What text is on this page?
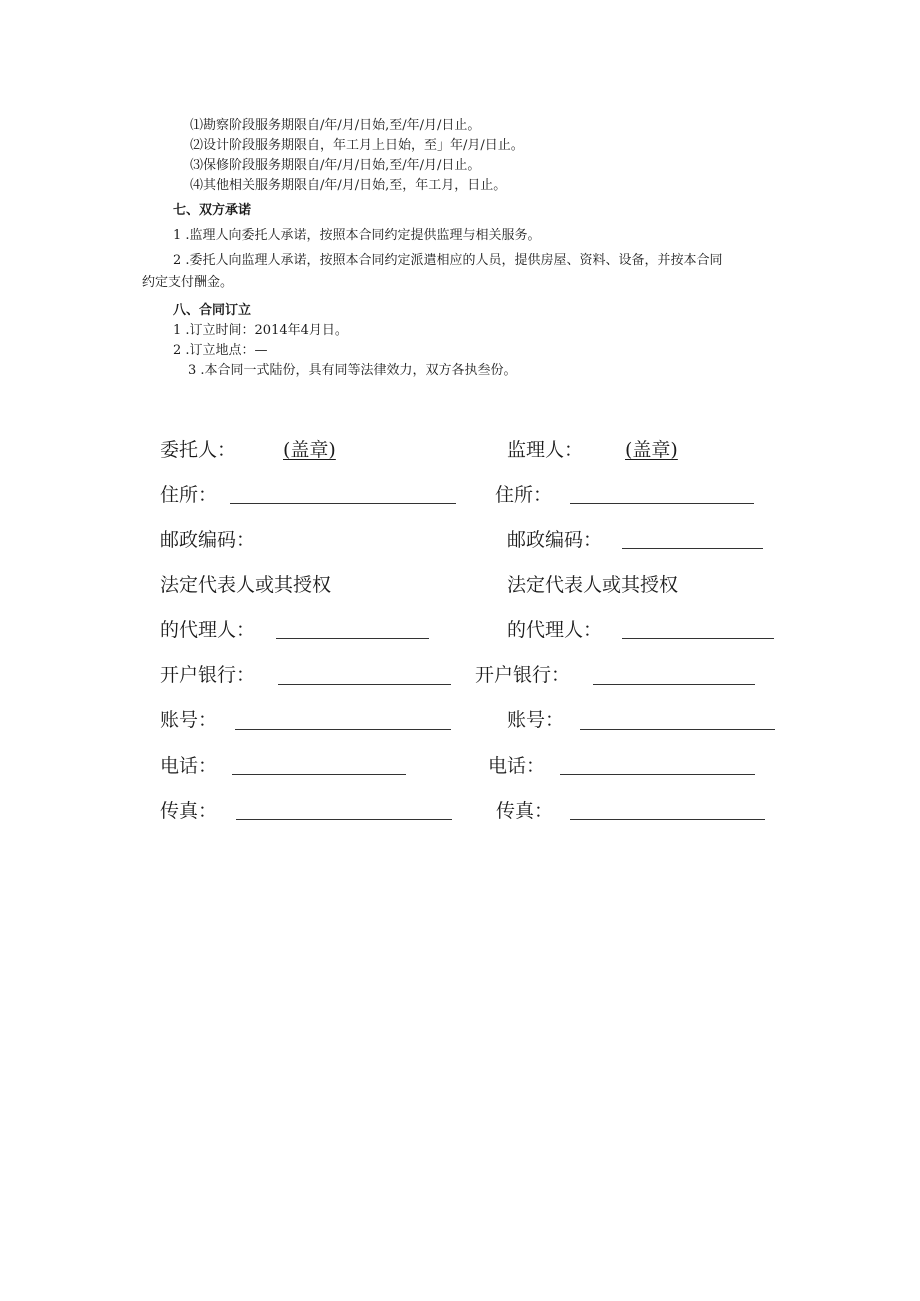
⑴勘察阶段服务期限自/年/月/日始,至/年/月/日止。
⑵设计阶段服务期限自，年工月上日始，至」年/月/日止。
⑶保修阶段服务期限自/年/月/日始,至/年/月/日止。
⑷其他相关服务期限自/年/月/日始,至，年工月，日止。
七、双方承诺
1 .监理人向委托人承诺，按照本合同约定提供监理与相关服务。
2 .委托人向监理人承诺，按照本合同约定派遣相应的人员，提供房屋、资料、设备，并按本合同
约定支付酬金。
八、合同订立
1 .订立时间：2014年4月日。
2 .订立地点：—
3 .本合同一式陆份，具有同等法律效力，双方各执叁份。
委托人： (盖章)
住所：
邮政编码：
法定代表人或其授权
的代理人：
开户银行：
账号：
电话：
传真：
监理人： (盖章)
住所：
邮政编码：
法定代表人或其授权
的代理人：
开户银行：
账号：
电话：
传真：
